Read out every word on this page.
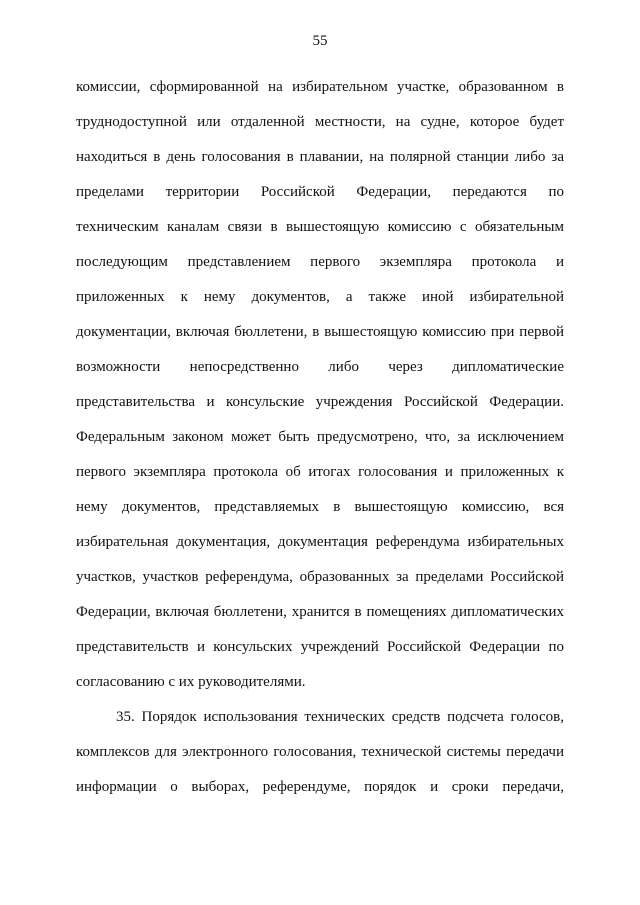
55

комиссии, сформированной на избирательном участке, образованном в
труднодоступной или отдаленной местности, на судне, которое будет
находиться в день голосования в плавании, на полярной станции либо за
пределами территории Российской Федерации, передаются по
техническим каналам связи в вышестоящую комиссию с обязательным
последующим представлением первого экземпляра протокола и
приложенных к нему документов, а также иной избирательной
документации, включая бюллетени, в вышестоящую комиссию при первой
возможности непосредственно либо через дипломатические
представительства и консульские учреждения Российской Федерации.
Федеральным законом может быть предусмотрено, что, за исключением
первого экземпляра протокола об итогах голосования и приложенных к
нему документов, представляемых в вышестоящую комиссию, вся
избирательная документация, документация референдума избирательных
участков, участков референдума, образованных за пределами Российской
Федерации, включая бюллетени, хранится в помещениях дипломатических
представительств и консульских учреждений Российской Федерации по
согласованию с их руководителями.

35. Порядок использования технических средств подсчета голосов,
комплексов для электронного голосования, технической системы передачи
информации о выборах, референдуме, порядок и сроки передачи,
